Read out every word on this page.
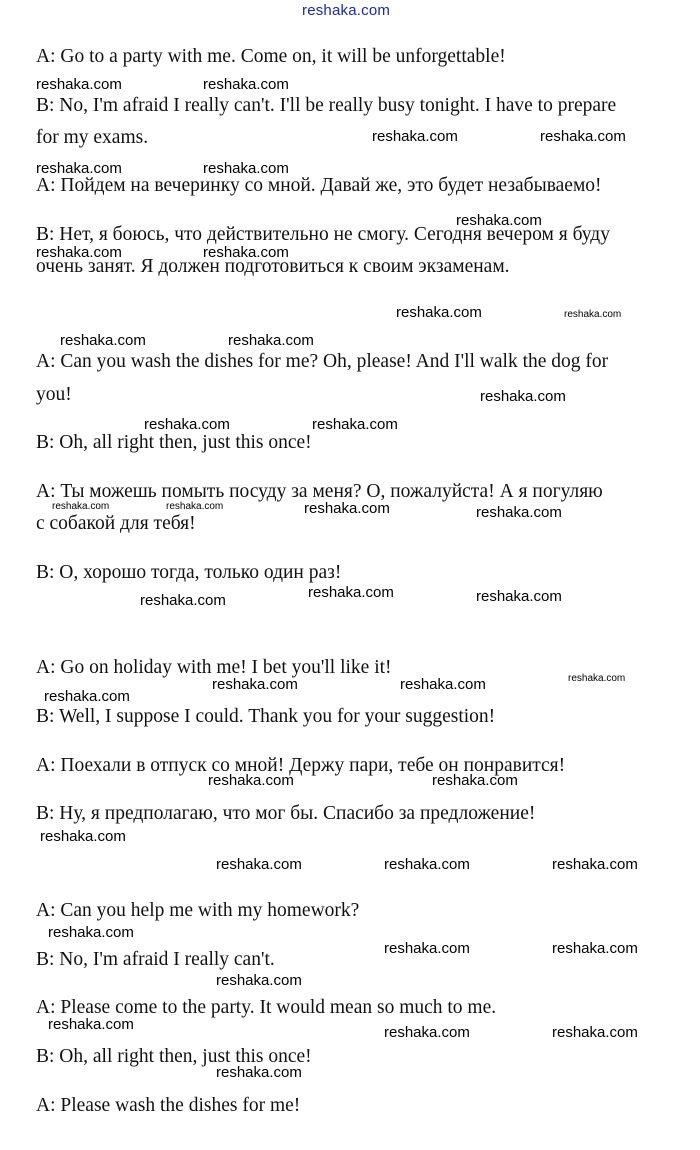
reshaka.com

A: Go to a party with me. Come on, it will be unforgettable!

B: No, I'm afraid I really can't. I'll be really busy tonight. I have to prepare

for my exams.

A: Пойдем на вечеринку со мной. Давай же, это будет незабываемо!

B: Нет, я боюсь, что действительно не смогу. Сегодня вечером я буду

очень занят. Я должен подготовиться к своим экзаменам.

A: Can you wash the dishes for me? Oh, please! And I'll walk the dog for

you!

B: Oh, all right then, just this once!

A: Ты можешь помыть посуду за меня? О, пожалуйста! А я погуляю

с собакой для тебя!

B: О, хорошо тогда, только один раз!

A: Go on holiday with me! I bet you'll like it!

B: Well, I suppose I could. Thank you for your suggestion!

A: Поехали в отпуск со мной! Держу пари, тебе он понравится!

B: Ну, я предполагаю, что мог бы. Спасибо за предложение!

A: Can you help me with my homework?

B: No, I'm afraid I really can't.

A: Please come to the party. It would mean so much to me.

B: Oh, all right then, just this once!

A: Please wash the dishes for me!

reshaka.com	reshaka.com
reshaka.com	reshaka.com
reshaka.com	reshaka.com
reshaka.com
reshaka.com	reshaka.com
reshaka.com	reshaka.com
reshaka.com	reshaka.com
reshaka.com
reshaka.com	reshaka.com
reshaka.com	reshaka.com	reshaka.com	reshaka.com
reshaka.com	reshaka.com	reshaka.com
reshaka.com
reshaka.com	reshaka.com
reshaka.com
reshaka.com	reshaka.com
reshaka.com
reshaka.com	reshaka.com	reshaka.com
reshaka.com
reshaka.com	reshaka.com
reshaka.com
reshaka.com	reshaka.com	reshaka.com
reshaka.com
